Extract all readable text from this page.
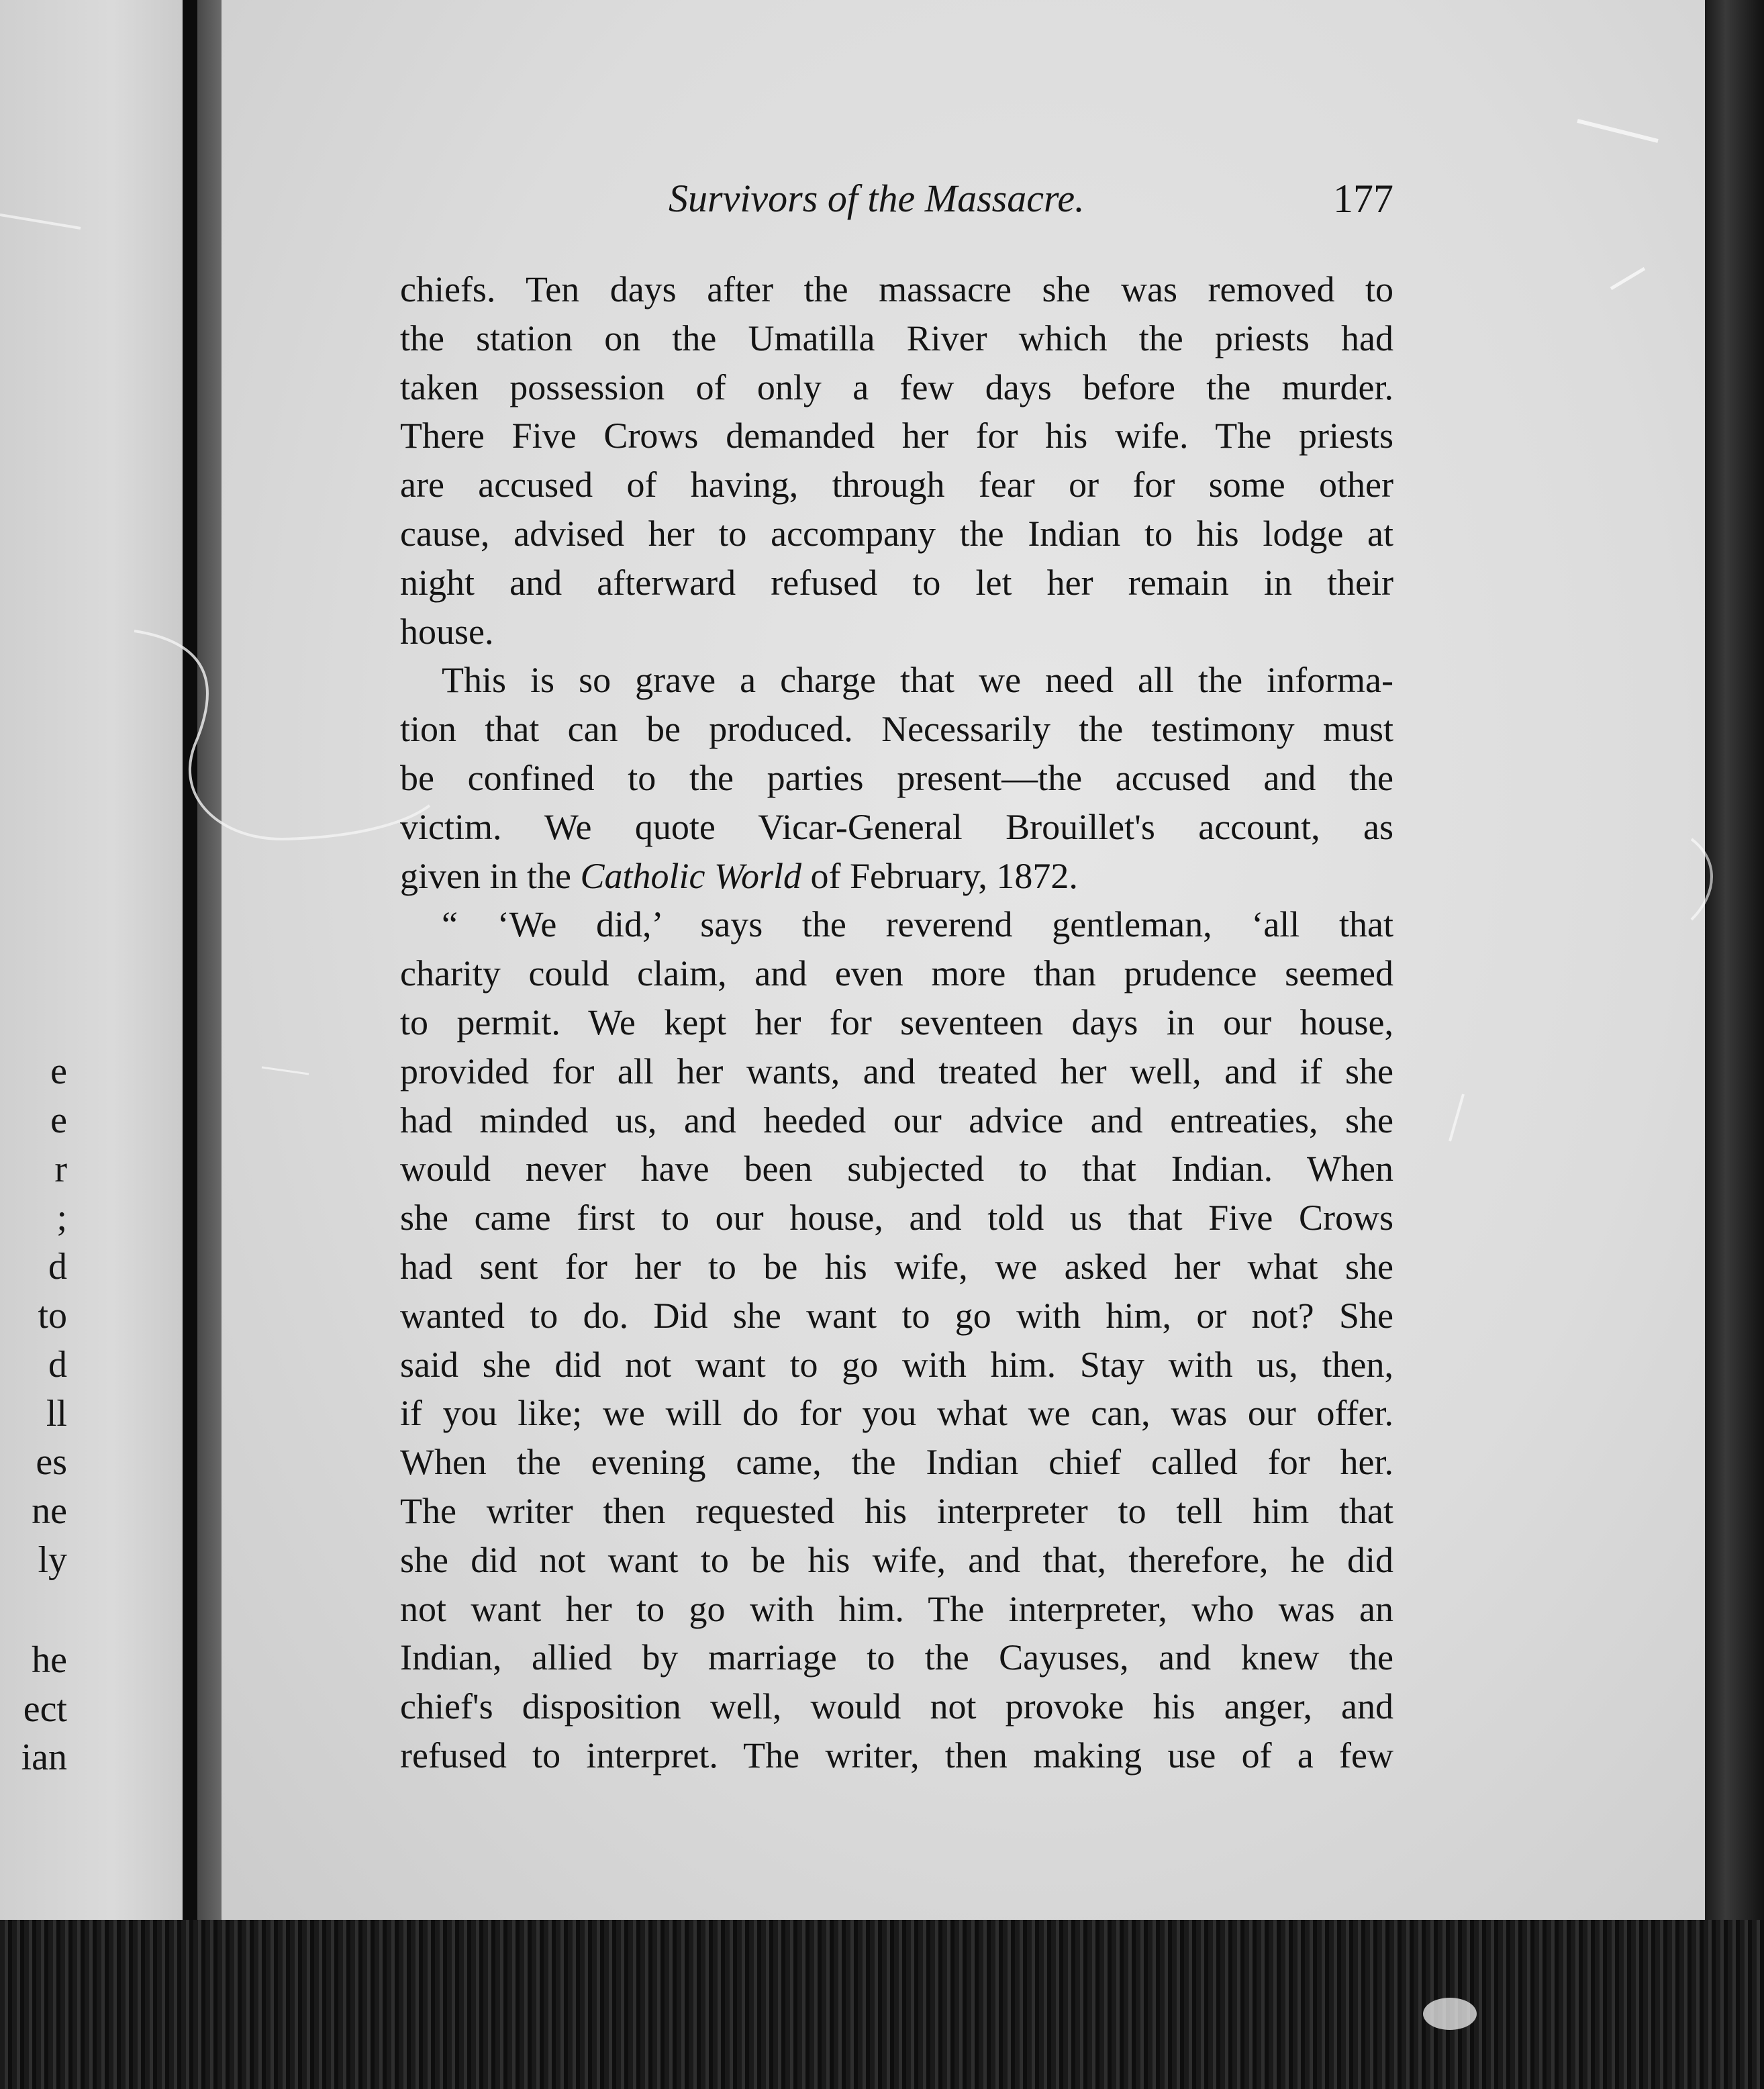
e
e
r
;
d
to
d
ll
es
ne
ly
he
ect
ian
Survivors of the Massacre.	177
chiefs. Ten days after the massacre she was removed to
the station on the Umatilla River which the priests had
taken possession of only a few days before the murder.
There Five Crows demanded her for his wife. The priests
are accused of having, through fear or for some other
cause, advised her to accompany the Indian to his lodge at
night and afterward refused to let her remain in their
house.
This is so grave a charge that we need all the informa-
tion that can be produced. Necessarily the testimony must
be confined to the parties present—the accused and the
victim. We quote Vicar-General Brouillet's account, as
given in the Catholic World of February, 1872.
“ ‘We did,’ says the reverend gentleman, ‘all that
charity could claim, and even more than prudence seemed
to permit. We kept her for seventeen days in our house,
provided for all her wants, and treated her well, and if she
had minded us, and heeded our advice and entreaties, she
would never have been subjected to that Indian. When
she came first to our house, and told us that Five Crows
had sent for her to be his wife, we asked her what she
wanted to do. Did she want to go with him, or not? She
said she did not want to go with him. Stay with us, then,
if you like; we will do for you what we can, was our offer.
When the evening came, the Indian chief called for her.
The writer then requested his interpreter to tell him that
she did not want to be his wife, and that, therefore, he did
not want her to go with him. The interpreter, who was an
Indian, allied by marriage to the Cayuses, and knew the
chief's disposition well, would not provoke his anger, and
refused to interpret. The writer, then making use of a few
